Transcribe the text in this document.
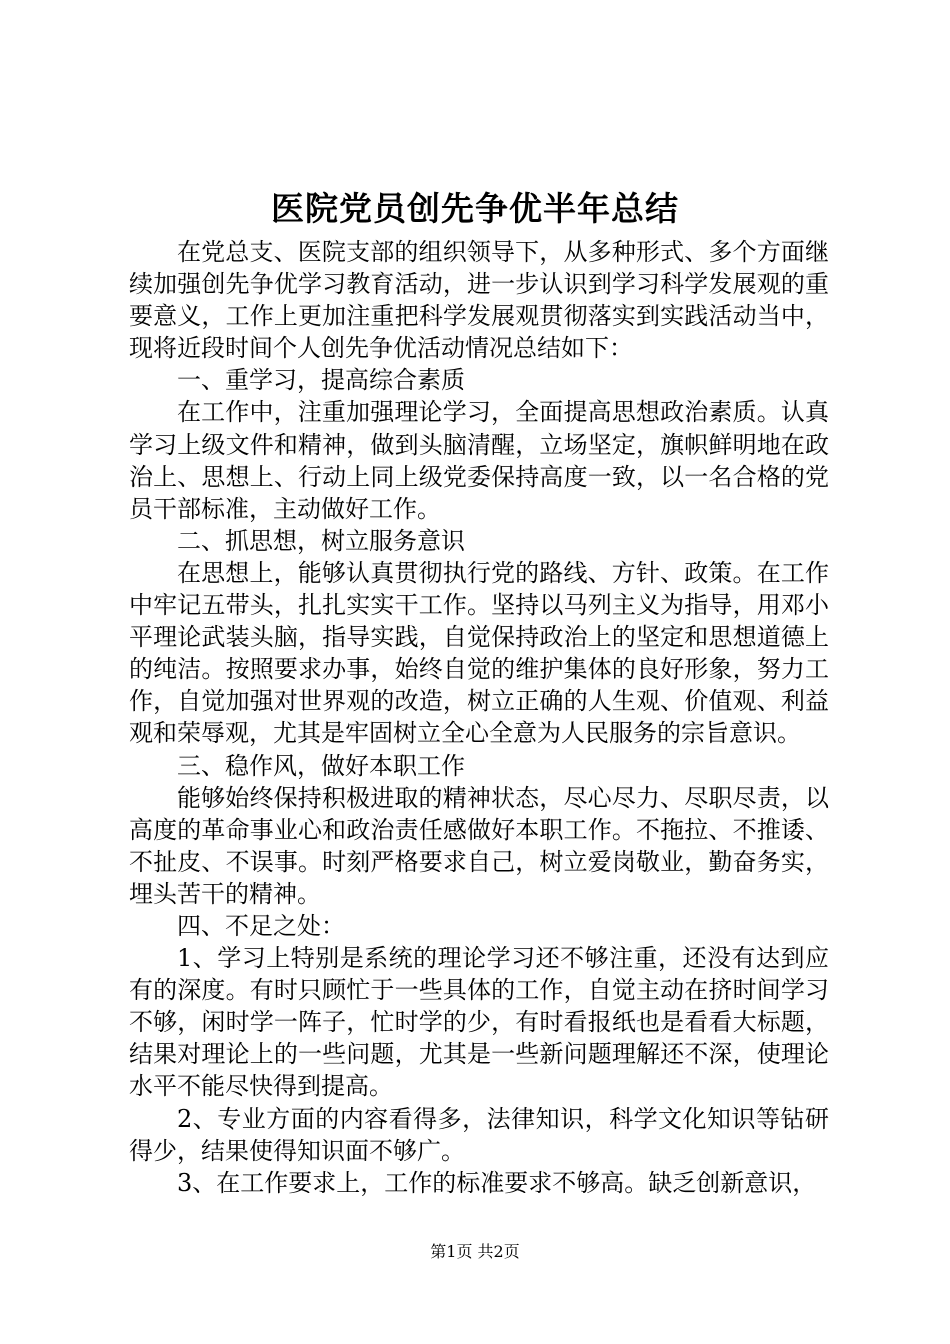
医院党员创先争优半年总结

在党总支、医院支部的组织领导下，从多种形式、多个方面继续加强创先争优学习教育活动，进一步认识到学习科学发展观的重要意义，工作上更加注重把科学发展观贯彻落实到实践活动当中，现将近段时间个人创先争优活动情况总结如下：

一、重学习，提高综合素质

在工作中，注重加强理论学习，全面提高思想政治素质。认真学习上级文件和精神，做到头脑清醒，立场坚定，旗帜鲜明地在政治上、思想上、行动上同上级党委保持高度一致，以一名合格的党员干部标准，主动做好工作。

二、抓思想，树立服务意识

在思想上，能够认真贯彻执行党的路线、方针、政策。在工作中牢记五带头，扎扎实实干工作。坚持以马列主义为指导，用邓小平理论武装头脑，指导实践，自觉保持政治上的坚定和思想道德上的纯洁。按照要求办事，始终自觉的维护集体的良好形象，努力工作，自觉加强对世界观的改造，树立正确的人生观、价值观、利益观和荣辱观，尤其是牢固树立全心全意为人民服务的宗旨意识。

三、稳作风，做好本职工作

能够始终保持积极进取的精神状态，尽心尽力、尽职尽责，以高度的革命事业心和政治责任感做好本职工作。不拖拉、不推诿、不扯皮、不误事。时刻严格要求自己，树立爱岗敬业，勤奋务实，埋头苦干的精神。

四、不足之处：

1、学习上特别是系统的理论学习还不够注重，还没有达到应有的深度。有时只顾忙于一些具体的工作，自觉主动在挤时间学习不够，闲时学一阵子，忙时学的少，有时看报纸也是看看大标题，结果对理论上的一些问题，尤其是一些新问题理解还不深，使理论水平不能尽快得到提高。

2、专业方面的内容看得多，法律知识，科学文化知识等钻研得少，结果使得知识面不够广。

3、在工作要求上，工作的标准要求不够高。缺乏创新意识，

第1页 共2页
